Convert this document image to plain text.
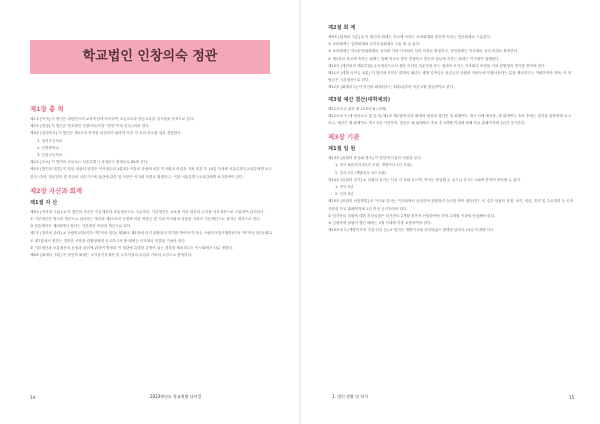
학교법인 인창의숙 정관
제1장 총 칙
제1조 [목적] 이 법인은 대한민국의 교육이념에 의거하여 초등교육과 중등교육을 실시함을 목적으로 한다.
제2조 [명칭] 이 법인은 학교법인 인창의숙(이하 "법인"이라 한다.)이라 한다.
제3조 [설치학교] 이 법인은 제1조의 목적을 달성하기 위하여 다음 각 호의 학교를 설치 경영한다.
1. 성지초등학교
2. 인창중학교
3. 인창고등학교
제4조 [주소] 이 법인의 사무소는 서울특별시 서대문구 충정로로 65에 둔다.
제5조 [법인의 변경] 이 법인 정관의 변경은 이사정수의 3분의2 이상의 찬성에 의한 이사회의 의결을 거쳐 변경 후 14일 이내에 서울특별시교육감에게 보고한다. 다만, 학교법인 및 학교의 사무기구에 정관에 관한 설 사항은 이사회 의결로 확정하고, 이를 서울특별시교육감에게 보고하여야 한다.
제2장 자산과 회계
제1절 자 산
제6조 [자산의 구분] ① 이 법인의 자산은 기본재산과 보통재산으로 구분하되, 기본재산은 교육용 기본 재산과 수익용 기본재산으로 구분하여 관리한다.
② 기본재산은 별도의 재산으로 관리하는 재산과 제11조의 규정에 의한 적립금 및 기타 이사회의 의결을 거쳐서 기본재산으로 정하는 재산으로 한다.
③ 보통재산은 제2항에서 정하는 기본재산 이외의 재산으로 한다.
제7조 [재산의 관리] ① 사립학교법(이하 "법"이라 한다) 제28조 제1항에 의거 관할청의 허가를 받아야 하거나, 사립학교법시행령(이하 "영"이라 한다)제11조 제7항에서 정하는 경미한 사항을 관할청에게 신고하고자 할 때에는 이사회의 의결을 거쳐야 한다.
② 기본재산과 보통재산의 운영과 관리에 관하여 별정과 이 정관에 특별한 규정이 있는 경우를 제외하고는 이사회에서 따로 정한다.
제8조 [회계의 구분] 이 법인의 회계는 수익용기본재산 및 수익사업의 수입과 기타의 수입으로 충당한다.
14	2023학년도 학교현황 다이얼
제2절 회 계
제9조 [회계의 구분] ① 이 법인의 회계는 학교에 속하는 교비회계와 법인에 속하는 법인회계로 구분한다.
② 교비회계는 일반회계와 수익사업회계로 구분 할 수 있다.
③ 교비회계는 학교운영위원회의 심의를 거쳐 이사회의 심의 의결로 확정하고, 법인회계는 이사회의 심의 의결로 확정한다.
④ 제1항의 학교에 속하는 회계는 당해 학교의 장이 집행하고 법인의 업무에 속하는 회계는 이사장이 집행한다.
제10조 [재산의의 재무부담] 수익재산으로서 정한 이외의 의무부담 또는 권리의 포기는 이사회의 의결을 거쳐 관할청의 허가를 받아야 한다.
제11조 [세계 잉여금 처분] 이 법인에 속하는 회계의 매년도 세계 잉여금은 차입금의 상환과 적립도에 이월사용하는 분을 제외하고는 적립하여야 하며, 이 적립금은 기본재산으로 한다.
제12조 [회계년도] 이 법인의 회계년도는 3월1일부터 익년 2월 말일까지로 한다.
제3절 예산 결산(대학제외)
제12조의 2 내지 제 12조의 6 (삭제)
제12조의 7 [예·결산보고 및 공시] 제1조 제1항에 의한 회계의 예산과 결산은 법 회계연도 개시 전에 예산을, 매 회계연도 종료 후에는 결산을 관할청에 보고하고, 예산은 매 회계연도 개시 5일 이전까지, 결산은 매 회계연도 종료 후 3개월 이내에 당해 학교 홈페이지에 1년간 공시한다.
제3장 기관
제1절 임 원
제13조 [임원의 종류와 정수] 이 법인에 다음의 임원을 둔다.
1. 이사 8인(이사장1인 포함, 개방이사 2인 포함)
2. 감사 2인 (개방감사 1인 포함)
제14조 [임원의 임기] ① 임원의 임기는 다음 각 호와 같으며, 이사는 중임할 수 있으나 감사는 1회에 한하여 중임할 수 있다.
1. 이사 5년
2. 감사 3년
제15조 [임원의 선임방법] ① 이사와 감사는 이사회에서 선임하여 관할청의 승인을 받아 취임한다. 이 경우 임원의 성명, 나이, 직업, 현직 및 주요경력 등 인적사항을 학교 홈페이지에 1년 이상 공시하여야 한다.
② 임기만료 임원에 대한 후임임원은 임기만료 2개월 전까지 선임하여야 하며, 2개월 이내에 선임해야 한다.
③ 임원중에 결원이 생긴 때에는 2월 이내에 이를 보충하여야 한다.
제15조의 2 [개방이사의 추천·선임 등] ① 법인은 개방이사와 선임되었으 발생한 날부터 15일 이내에 이사
1. 법인 현황 및 학칙	15
